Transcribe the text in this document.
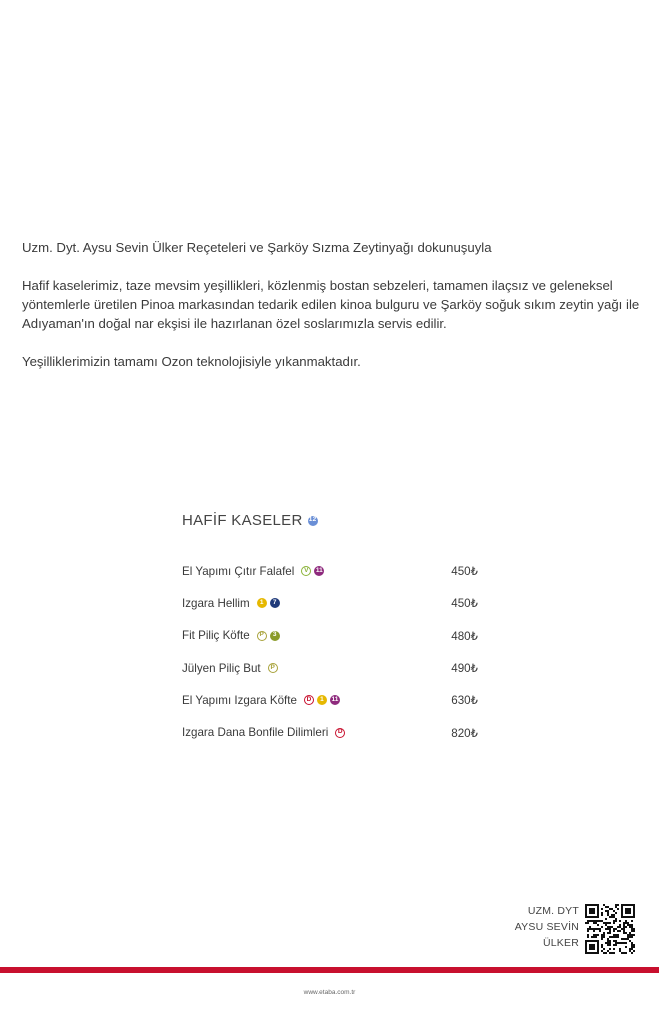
Uzm. Dyt. Aysu Sevin Ülker Reçeteleri ve Şarköy Sızma Zeytinyağı dokunuşuyla

Hafif kaselerimiz, taze mevsim yeşillikleri, közlenmiş bostan sebzeleri, tamamen ilaçsız ve geleneksel yöntemlerle üretilen Pinoa markasından tedarik edilen kinoa bulguru ve Şarköy soğuk sıkım zeytin yağı ile Adıyaman'ın doğal nar ekşisi ile hazırlanan özel soslarımızla servis edilir.

Yeşilliklerimizin tamamı Ozon teknolojisiyle yıkanmaktadır.

HAFİF KASELER 12
El Yapımı Çıtır Falafel	V	11	450₺
Izgara Hellim	1	7	450₺
Fit Piliç Köfte	P	3	480₺
Jülyen Piliç But	P	490₺
El Yapımı Izgara Köfte	D	1	11	630₺
Izgara Dana Bonfile Dilimleri	D	820₺
UZM. DYT
AYSU SEVİN
ÜLKER
www.etaba.com.tr
